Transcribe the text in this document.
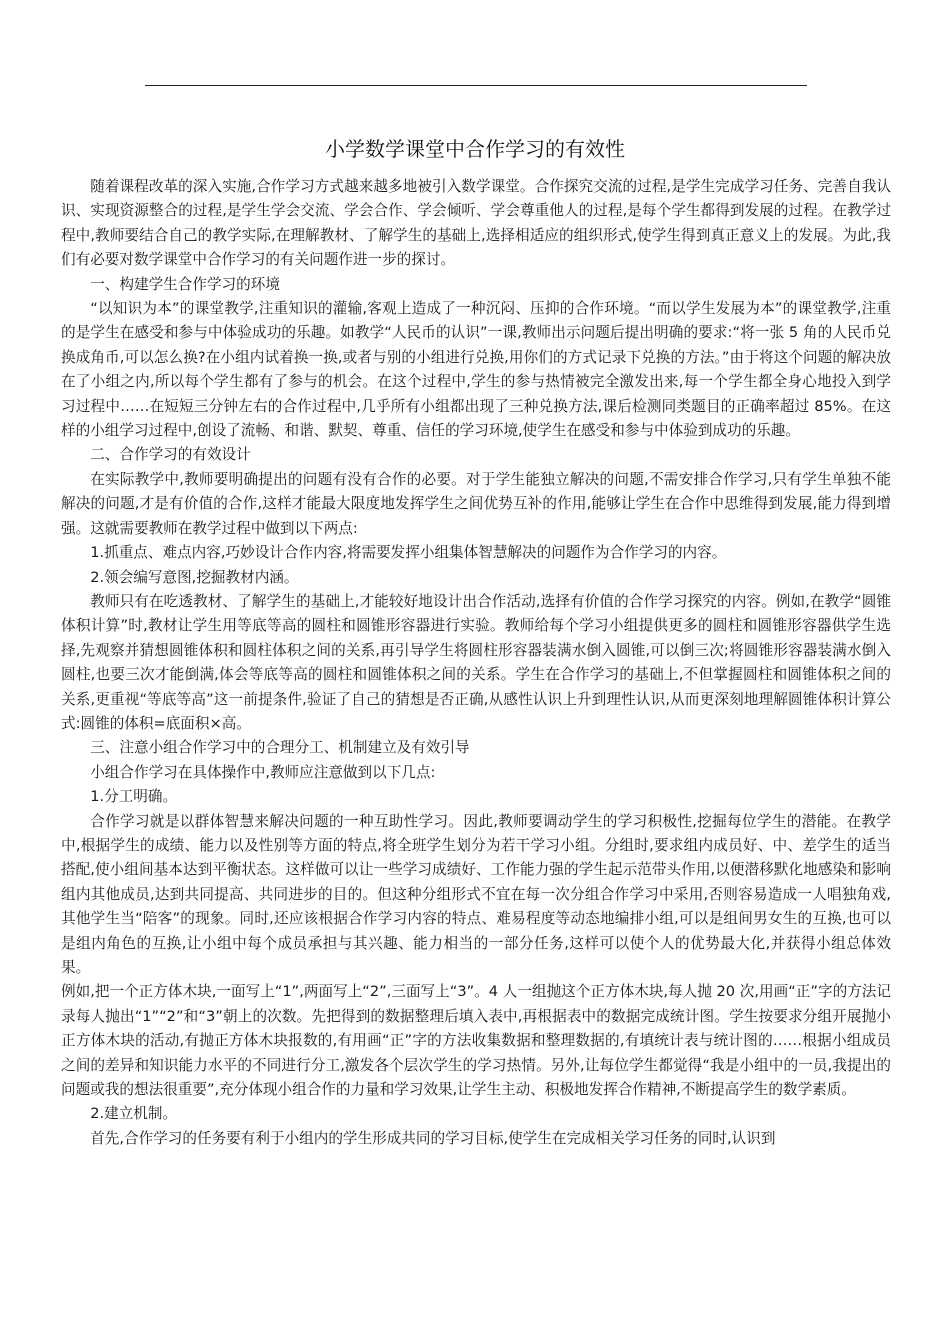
小学数学课堂中合作学习的有效性

随着课程改革的深入实施,合作学习方式越来越多地被引入数学课堂。合作探究交流的过程,是学生完成学习任务、完善自我认识、实现资源整合的过程,是学生学会交流、学会合作、学会倾听、学会尊重他人的过程,是每个学生都得到发展的过程。在教学过程中,教师要结合自己的教学实际,在理解教材、了解学生的基础上,选择相适应的组织形式,使学生得到真正意义上的发展。为此,我们有必要对数学课堂中合作学习的有关问题作进一步的探讨。

一、构建学生合作学习的环境

“以知识为本”的课堂教学,注重知识的灌输,客观上造成了一种沉闷、压抑的合作环境。“而以学生发展为本”的课堂教学,注重的是学生在感受和参与中体验成功的乐趣。如教学“人民币的认识”一课,教师出示问题后提出明确的要求:“将一张 5 角的人民币兑换成角币,可以怎么换?在小组内试着换一换,或者与别的小组进行兑换,用你们的方式记录下兑换的方法。”由于将这个问题的解决放在了小组之内,所以每个学生都有了参与的机会。在这个过程中,学生的参与热情被完全激发出来,每一个学生都全身心地投入到学习过程中……在短短三分钟左右的合作过程中,几乎所有小组都出现了三种兑换方法,课后检测同类题目的正确率超过 85%。在这样的小组学习过程中,创设了流畅、和谐、默契、尊重、信任的学习环境,使学生在感受和参与中体验到成功的乐趣。

二、合作学习的有效设计

在实际教学中,教师要明确提出的问题有没有合作的必要。对于学生能独立解决的问题,不需安排合作学习,只有学生单独不能解决的问题,才是有价值的合作,这样才能最大限度地发挥学生之间优势互补的作用,能够让学生在合作中思维得到发展,能力得到增强。这就需要教师在教学过程中做到以下两点:

1.抓重点、难点内容,巧妙设计合作内容,将需要发挥小组集体智慧解决的问题作为合作学习的内容。

2.领会编写意图,挖掘教材内涵。

教师只有在吃透教材、了解学生的基础上,才能较好地设计出合作活动,选择有价值的合作学习探究的内容。例如,在教学“圆锥体积计算”时,教材让学生用等底等高的圆柱和圆锥形容器进行实验。教师给每个学习小组提供更多的圆柱和圆锥形容器供学生选择,先观察并猜想圆锥体积和圆柱体积之间的关系,再引导学生将圆柱形容器装满水倒入圆锥,可以倒三次;将圆锥形容器装满水倒入圆柱,也要三次才能倒满,体会等底等高的圆柱和圆锥体积之间的关系。学生在合作学习的基础上,不但掌握圆柱和圆锥体积之间的关系,更重视“等底等高”这一前提条件,验证了自己的猜想是否正确,从感性认识上升到理性认识,从而更深刻地理解圆锥体积计算公式:圆锥的体积=底面积×高。

三、注意小组合作学习中的合理分工、机制建立及有效引导

小组合作学习在具体操作中,教师应注意做到以下几点:

1.分工明确。

合作学习就是以群体智慧来解决问题的一种互助性学习。因此,教师要调动学生的学习积极性,挖掘每位学生的潜能。在教学中,根据学生的成绩、能力以及性别等方面的特点,将全班学生划分为若干学习小组。分组时,要求组内成员好、中、差学生的适当搭配,使小组间基本达到平衡状态。这样做可以让一些学习成绩好、工作能力强的学生起示范带头作用,以便潜移默化地感染和影响组内其他成员,达到共同提高、共同进步的目的。但这种分组形式不宜在每一次分组合作学习中采用,否则容易造成一人唱独角戏,其他学生当“陪客”的现象。同时,还应该根据合作学习内容的特点、难易程度等动态地编排小组,可以是组间男女生的互换,也可以是组内角色的互换,让小组中每个成员承担与其兴趣、能力相当的一部分任务,这样可以使个人的优势最大化,并获得小组总体效果。

例如,把一个正方体木块,一面写上“1”,两面写上“2”,三面写上“3”。4 人一组抛这个正方体木块,每人抛 20 次,用画“正”字的方法记录每人抛出“1”“2”和“3”朝上的次数。先把得到的数据整理后填入表中,再根据表中的数据完成统计图。学生按要求分组开展抛小正方体木块的活动,有抛正方体木块报数的,有用画“正”字的方法收集数据和整理数据的,有填统计表与统计图的……根据小组成员之间的差异和知识能力水平的不同进行分工,激发各个层次学生的学习热情。另外,让每位学生都觉得“我是小组中的一员,我提出的问题或我的想法很重要”,充分体现小组合作的力量和学习效果,让学生主动、积极地发挥合作精神,不断提高学生的数学素质。

2.建立机制。

首先,合作学习的任务要有利于小组内的学生形成共同的学习目标,使学生在完成相关学习任务的同时,认识到
